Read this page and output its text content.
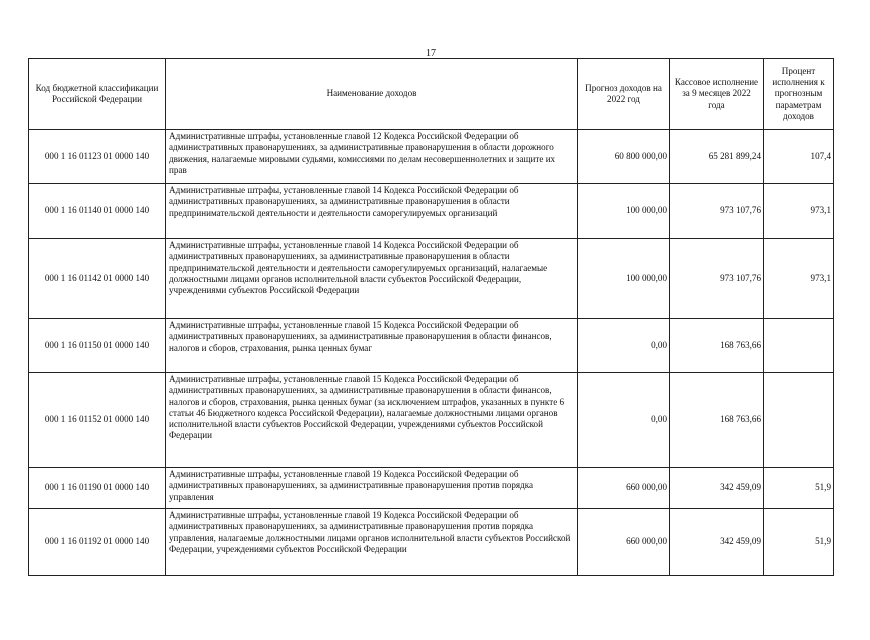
17
Код бюджетной классификации Российской Федерации	Наименование доходов	Прогноз доходов на 2022 год	Кассовое исполнение за 9 месяцев 2022 года	Процент исполнения к прогнозным параметрам доходов
000 1 16 01123 01 0000 140	Административные штрафы, установленные главой 12 Кодекса Российской Федерации об административных правонарушениях, за административные правонарушения в области дорожного движения, налагаемые мировыми судьями, комиссиями по делам несовершеннолетних и защите их прав	60 800 000,00	65 281 899,24	107,4
000 1 16 01140 01 0000 140	Административные штрафы, установленные главой 14 Кодекса Российской Федерации об административных правонарушениях, за административные правонарушения в области предпринимательской деятельности и деятельности саморегулируемых организаций	100 000,00	973 107,76	973,1
000 1 16 01142 01 0000 140	Административные штрафы, установленные главой 14 Кодекса Российской Федерации об административных правонарушениях, за административные правонарушения в области предпринимательской деятельности и деятельности саморегулируемых организаций, налагаемые должностными лицами органов исполнительной власти субъектов Российской Федерации, учреждениями субъектов Российской Федерации	100 000,00	973 107,76	973,1
000 1 16 01150 01 0000 140	Административные штрафы, установленные главой 15 Кодекса Российской Федерации об административных правонарушениях, за административные правонарушения в области финансов, налогов и сборов, страхования, рынка ценных бумаг	0,00	168 763,66	
000 1 16 01152 01 0000 140	Административные штрафы, установленные главой 15 Кодекса Российской Федерации об административных правонарушениях, за административные правонарушения в области финансов, налогов и сборов, страхования, рынка ценных бумаг (за исключением штрафов, указанных в пункте 6 статьи 46 Бюджетного кодекса Российской Федерации), налагаемые должностными лицами органов исполнительной власти субъектов Российской Федерации, учреждениями субъектов Российской Федерации	0,00	168 763,66	
000 1 16 01190 01 0000 140	Административные штрафы, установленные главой 19 Кодекса Российской Федерации об административных правонарушениях, за административные правонарушения против порядка управления	660 000,00	342 459,09	51,9
000 1 16 01192 01 0000 140	Административные штрафы, установленные главой 19 Кодекса Российской Федерации об административных правонарушениях, за административные правонарушения против порядка управления, налагаемые должностными лицами органов исполнительной власти субъектов Российской Федерации, учреждениями субъектов Российской Федерации	660 000,00	342 459,09	51,9
